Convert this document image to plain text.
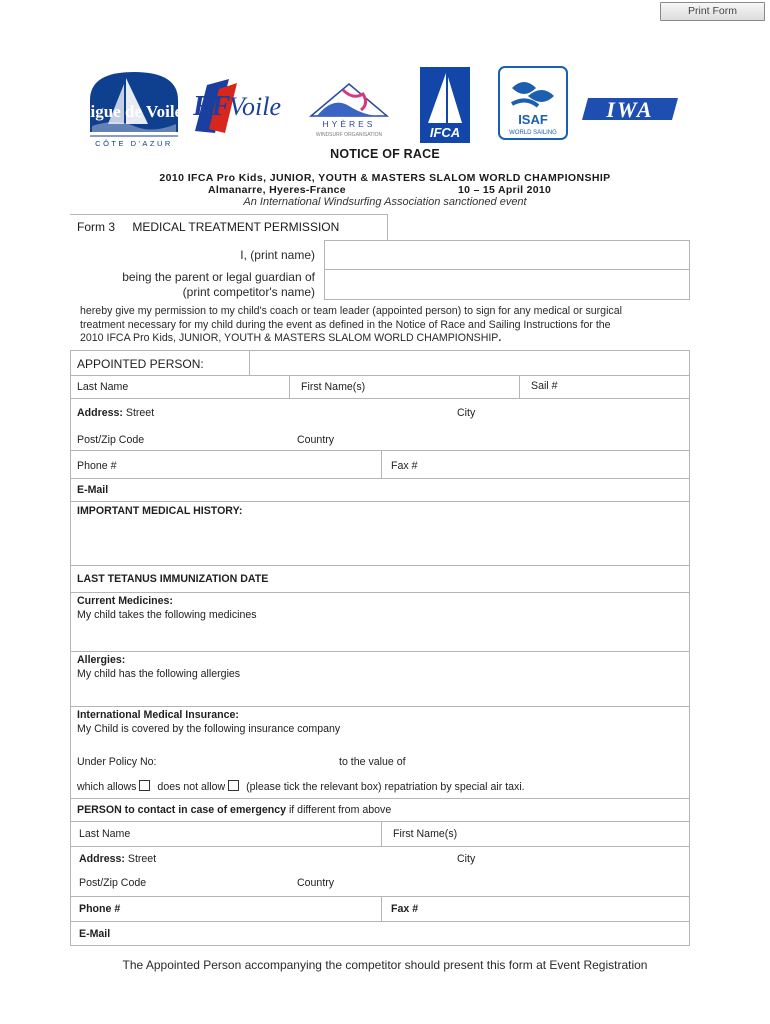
Print Form
ligue de Voile
CÔTE D'AZUR
FF
Voile
HYÈRES
WINDSURF ORGANISATION	IFCA
ISAF
WORLD SAILING
IWA
NOTICE OF RACE
2010 IFCA Pro Kids, JUNIOR, YOUTH & MASTERS SLALOM WORLD CHAMPIONSHIP
Almanarre, Hyeres-France	10 – 15 April 2010
An International Windsurfing Association sanctioned event
Form 3 MEDICAL TREATMENT PERMISSION
I, (print name)
being the parent or legal guardian of
(print competitor's name)
hereby give my permission to my child's coach or team leader (appointed person) to sign for any medical or surgical
treatment necessary for my child during the event as defined in the Notice of Race and Sailing Instructions for the
2010 IFCA Pro Kids, JUNIOR, YOUTH & MASTERS SLALOM WORLD CHAMPIONSHIP.
APPOINTED PERSON:
Last Name	First Name(s)	Sail #
Address: Street	City
Post/Zip Code	Country
Phone #	Fax #
E-Mail
IMPORTANT MEDICAL HISTORY:
LAST TETANUS IMMUNIZATION DATE
Current Medicines:
My child takes the following medicines
Allergies:
My child has the following allergies
International Medical Insurance:
My Child is covered by the following insurance company
Under Policy No:	to the value of
which allows does not allow (please tick the relevant box) repatriation by special air taxi.
PERSON to contact in case of emergency if different from above
Last Name	First Name(s)
Address: Street	City
Post/Zip Code	Country
Phone #	Fax #
E-Mail
The Appointed Person accompanying the competitor should present this form at Event Registration
